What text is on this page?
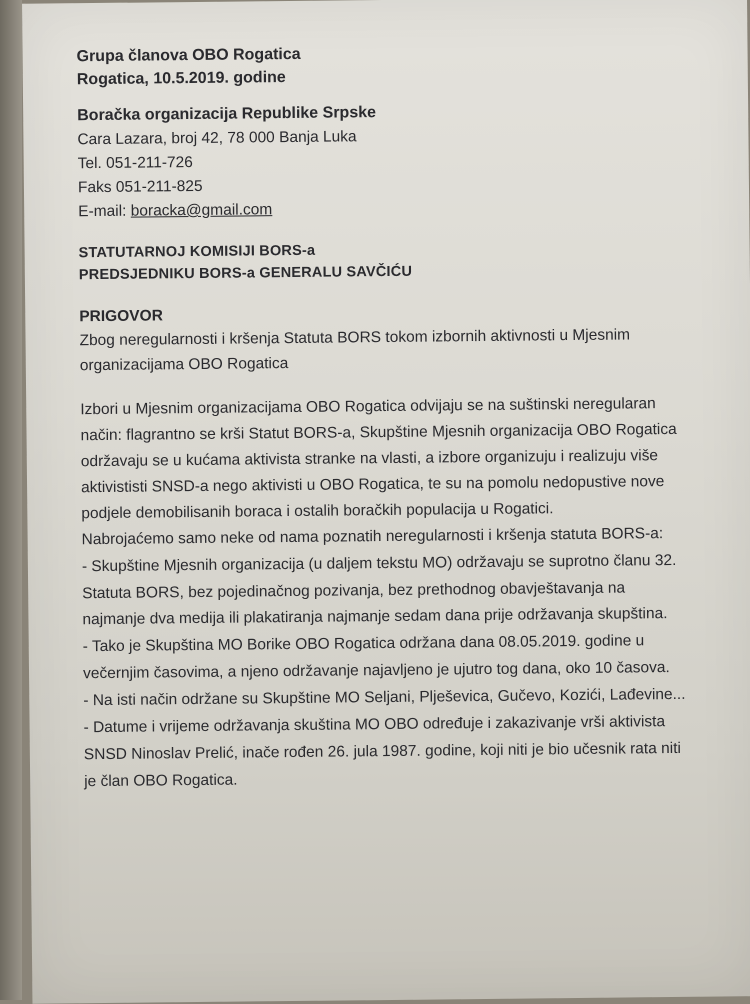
Grupa članova OBO Rogatica
Rogatica, 10.5.2019. godine
Boračka organizacija Republike Srpske
Cara Lazara, broj 42, 78 000 Banja Luka
Tel. 051-211-726
Faks 051-211-825
E-mail: boracka@gmail.com
STATUTARNOJ KOMISIJI BORS-a
PREDSJEDNIKU BORS-a GENERALU SAVČIĆU
PRIGOVOR
Zbog neregularnosti i kršenja Statuta BORS tokom izbornih aktivnosti u Mjesnim
organizacijama OBO Rogatica
Izbori u Mjesnim organizacijama OBO Rogatica odvijaju se na suštinski neregularan
način: flagrantno se krši Statut BORS-a, Skupštine Mjesnih organizacija OBO Rogatica
održavaju se u kućama aktivista stranke na vlasti, a izbore organizuju i realizuju više
aktivististi SNSD-a nego aktivisti u OBO Rogatica, te su na pomolu nedopustive nove
podjele demobilisanih boraca i ostalih boračkih populacija u Rogatici.
Nabrojaćemo samo neke od nama poznatih neregularnosti i kršenja statuta BORS-a:
- Skupštine Mjesnih organizacija (u daljem tekstu MO) održavaju se suprotno članu 32.
Statuta BORS, bez pojedinačnog pozivanja, bez prethodnog obavještavanja na
najmanje dva medija ili plakatiranja najmanje sedam dana prije održavanja skupština.
- Tako je Skupština MO Borike OBO Rogatica održana dana 08.05.2019. godine u
večernjim časovima, a njeno održavanje najavljeno je ujutro tog dana, oko 10 časova.
- Na isti način održane su Skupštine MO Seljani, Plješevica, Gučevo, Kozići, Lađevine...
- Datume i vrijeme održavanja skuština MO OBO određuje i zakazivanje vrši aktivista
SNSD Ninoslav Prelić, inače rođen 26. jula 1987. godine, koji niti je bio učesnik rata niti
je član OBO Rogatica.
